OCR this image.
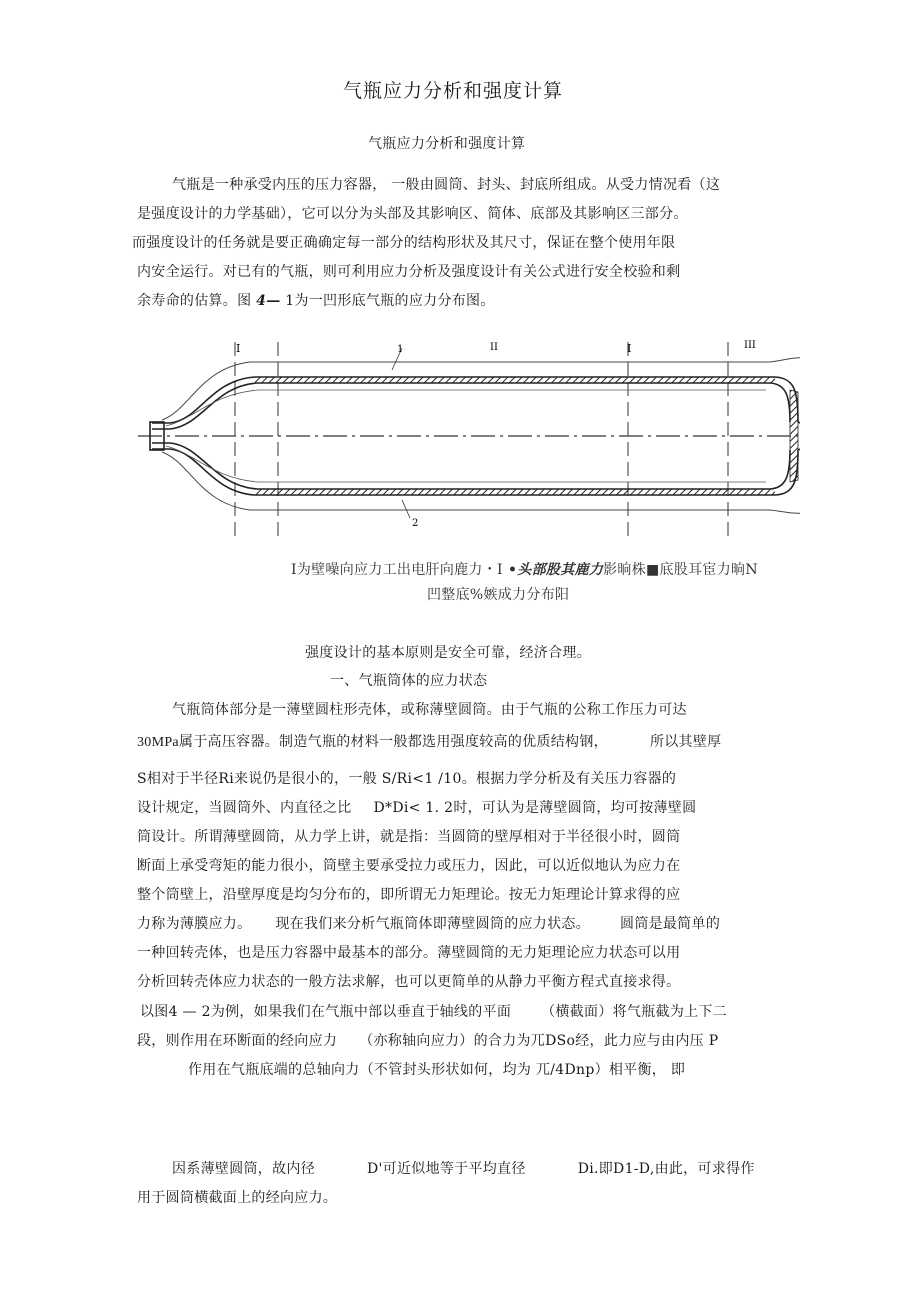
气瓶应力分析和强度计算
气瓶应力分析和强度计算
气瓶是一种承受内压的压力容器， 一般由圆筒、封头、封底所组成。从受力情况看（这
是强度设计的力学基础），它可以分为头部及其影响区、简体、底部及其影响区三部分。
而强度设计的任务就是要正确确定每一部分的结构形状及其尺寸，保证在整个使用年限
内安全运行。对已有的气瓶，则可利用应力分析及强度设计有关公式进行安全校验和剩
余寿命的估算。图 4— 1为一凹形底气瓶的应力分布图。
I	1
2
II	I	III
I为壁噪向应力工出电肝向鹿力・I •头部股其鹿力影晌株■底股耳宦力晌N
凹整底%嫉成力分布阳
强度设计的基本原则是安全可靠，经济合理。
一、气瓶筒体的应力状态
气瓶筒体部分是一薄壁圆柱形壳体，或称薄壁圆筒。由于气瓶的公称工作压力可达
30MPa属于高压容器。制造气瓶的材料一般都选用强度较高的优质结构钢，	所以其壁厚
S相对于半径Ri来说仍是很小的，一般 S/Ri<1 /10。根据力学分析及有关压力容器的
设计规定，当圆筒外、内直径之比 D*Di< 1. 2时，可认为是薄壁圆筒，均可按薄壁圆
筒设计。所谓薄壁圆筒，从力学上讲，就是指：当圆筒的壁厚相对于半径很小时，圆筒
断面上承受弯矩的能力很小，筒壁主要承受拉力或压力，因此，可以近似地认为应力在
整个筒壁上，沿壁厚度是均匀分布的，即所谓无力矩理论。按无力矩理论计算求得的应
力称为薄膜应力。 现在我们来分析气瓶筒体即薄壁圆筒的应力状态。 圆筒是最简单的
一种回转壳体，也是压力容器中最基本的部分。薄壁圆筒的无力矩理论应力状态可以用
分析回转壳体应力状态的一般方法求解，也可以更简单的从静力平衡方程式直接求得。
以图4 — 2为例，如果我们在气瓶中部以垂直于轴线的平面 （横截面）将气瓶截为上下二
段，则作用在环断面的经向应力 （亦称轴向应力）的合力为兀DSo经，此力应与由内压 P
作用在气瓶底端的总轴向力（不管封头形状如何，均为 兀/4Dnp）相平衡， 即
因系薄壁圆筒，故内径	D'可近似地等于平均直径	Di.即D1-D,由此，可求得作
用于圆筒横截面上的经向应力。
